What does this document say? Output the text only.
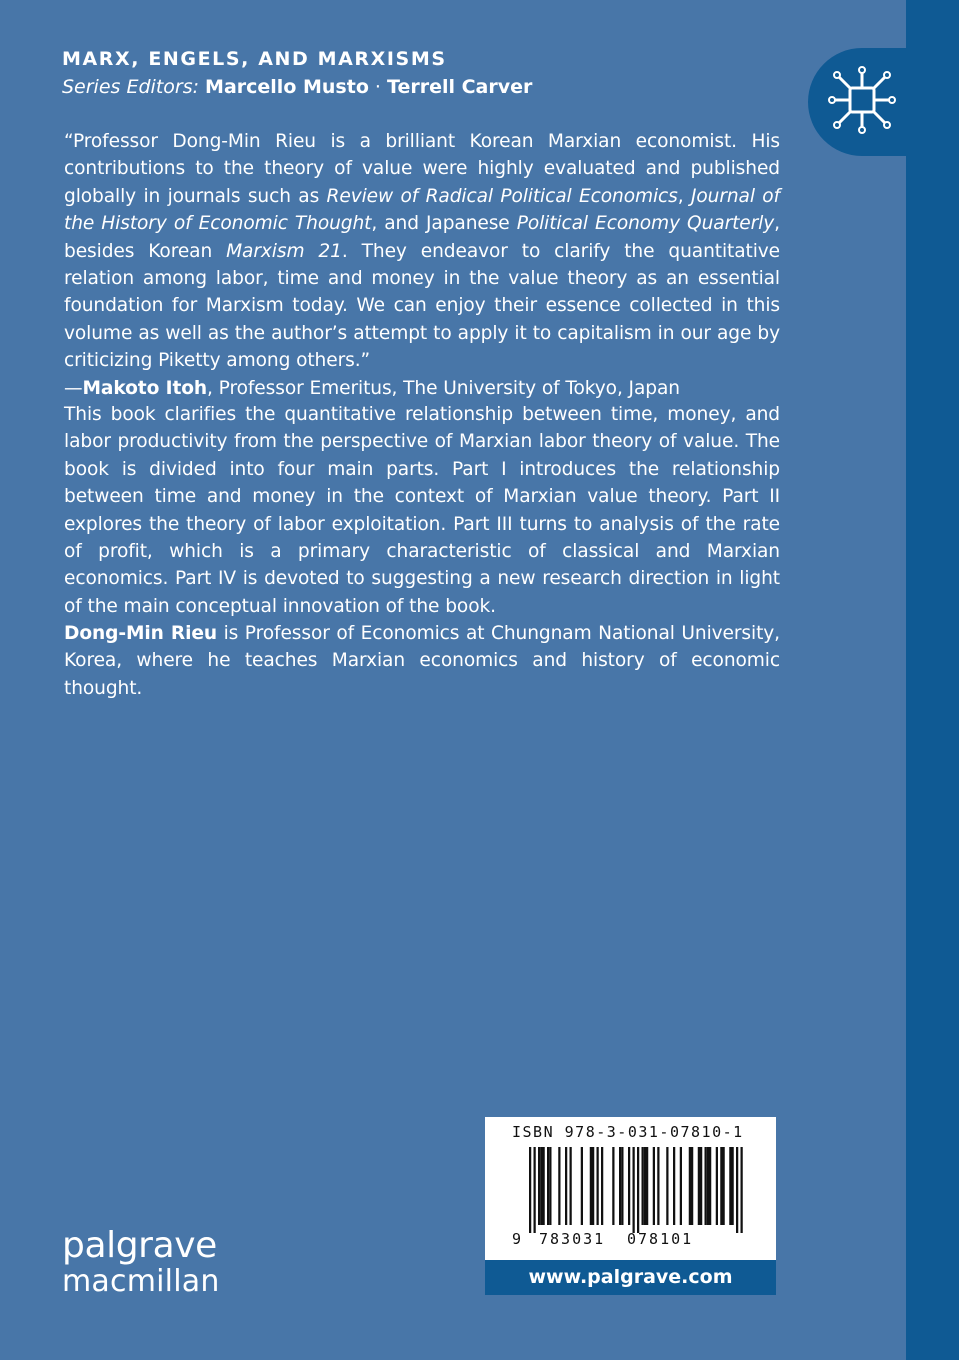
MARX, ENGELS, AND MARXISMS
Series Editors: Marcello Musto · Terrell Carver
“Professor Dong-Min Rieu is a brilliant Korean Marxian economist. His contributions to the theory of value were highly evaluated and published globally in journals such as Review of Radical Political Economics, Journal of the History of Economic Thought, and Japanese Political Economy Quarterly, besides Korean Marxism 21. They endeavor to clarify the quantitative relation among labor, time and money in the value theory as an essential foundation for Marxism today. We can enjoy their essence collected in this volume as well as the author’s attempt to apply it to capitalism in our age by criticizing Piketty among others.”
—Makoto Itoh, Professor Emeritus, The University of Tokyo, Japan
This book clarifies the quantitative relationship between time, money, and labor productivity from the perspective of Marxian labor theory of value. The book is divided into four main parts. Part I introduces the relationship between time and money in the context of Marxian value theory. Part II explores the theory of labor exploitation. Part III turns to analysis of the rate of profit, which is a primary characteristic of classical and Marxian economics. Part IV is devoted to suggesting a new research direction in light of the main conceptual innovation of the book.
Dong-Min Rieu is Professor of Economics at Chungnam National University, Korea, where he teaches Marxian economics and history of economic thought.
palgrave
macmillan
ISBN 978-3-031-07810-1
9 783031 078101
www.palgrave.com
